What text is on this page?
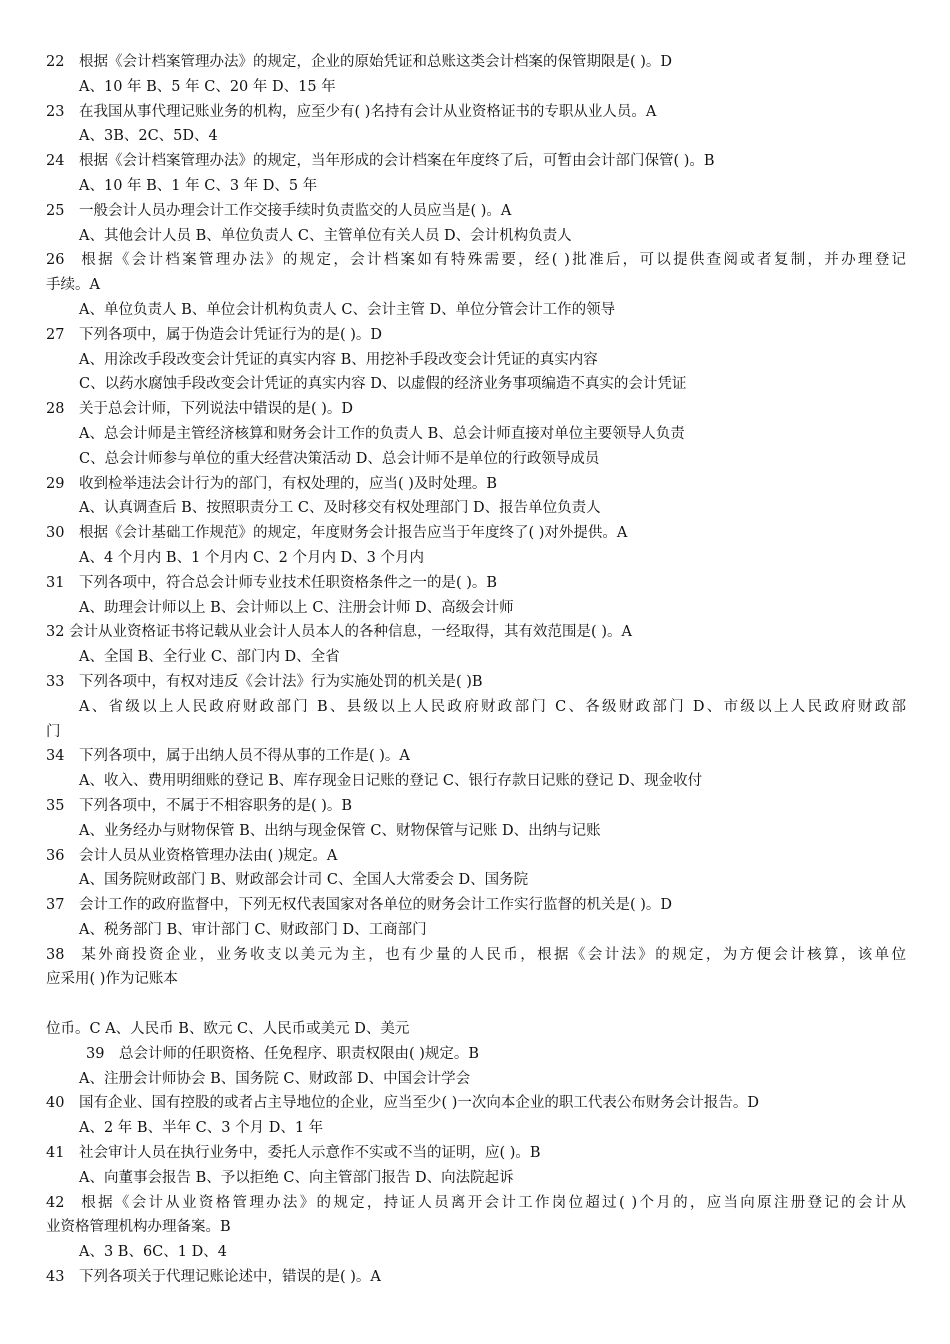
22 根据《会计档案管理办法》的规定，企业的原始凭证和总账这类会计档案的保管期限是( )。D
A、10 年 B、5 年 C、20 年 D、15 年
23 在我国从事代理记账业务的机构，应至少有( )名持有会计从业资格证书的专职从业人员。A
A、3B、2C、5D、4
24 根据《会计档案管理办法》的规定，当年形成的会计档案在年度终了后，可暂由会计部门保管( )。B
A、10 年 B、1 年 C、3 年 D、5 年
25 一般会计人员办理会计工作交接手续时负责监交的人员应当是( )。A
A、其他会计人员 B、单位负责人 C、主管单位有关人员 D、会计机构负责人
26 根据《会计档案管理办法》的规定，会计档案如有特殊需要，经( )批准后，可以提供查阅或者复制，并办理登记
手续。A
A、单位负责人 B、单位会计机构负责人 C、会计主管 D、单位分管会计工作的领导
27 下列各项中，属于伪造会计凭证行为的是( )。D
A、用涂改手段改变会计凭证的真实内容 B、用挖补手段改变会计凭证的真实内容
C、以药水腐蚀手段改变会计凭证的真实内容 D、以虚假的经济业务事项编造不真实的会计凭证
28 关于总会计师，下列说法中错误的是( )。D
A、总会计师是主管经济核算和财务会计工作的负责人 B、总会计师直接对单位主要领导人负责
C、总会计师参与单位的重大经营决策活动 D、总会计师不是单位的行政领导成员
29 收到检举违法会计行为的部门，有权处理的，应当( )及时处理。B
A、认真调查后 B、按照职责分工 C、及时移交有权处理部门 D、报告单位负责人
30 根据《会计基础工作规范》的规定，年度财务会计报告应当于年度终了( )对外提供。A
A、4 个月内 B、1 个月内 C、2 个月内 D、3 个月内
31 下列各项中，符合总会计师专业技术任职资格条件之一的是( )。B
A、助理会计师以上 B、会计师以上 C、注册会计师 D、高级会计师
32 会计从业资格证书将记载从业会计人员本人的各种信息，一经取得，其有效范围是( )。A
A、全国 B、全行业 C、部门内 D、全省
33 下列各项中，有权对违反《会计法》行为实施处罚的机关是( )B
A、省级以上人民政府财政部门 B、县级以上人民政府财政部门 C、各级财政部门 D、市级以上人民政府财政部
门
34 下列各项中，属于出纳人员不得从事的工作是( )。A
A、收入、费用明细账的登记 B、库存现金日记账的登记 C、银行存款日记账的登记 D、现金收付
35 下列各项中，不属于不相容职务的是( )。B
A、业务经办与财物保管 B、出纳与现金保管 C、财物保管与记账 D、出纳与记账
36 会计人员从业资格管理办法由( )规定。A
A、国务院财政部门 B、财政部会计司 C、全国人大常委会 D、国务院
37 会计工作的政府监督中，下列无权代表国家对各单位的财务会计工作实行监督的机关是( )。D
A、税务部门 B、审计部门 C、财政部门 D、工商部门
38 某外商投资企业，业务收支以美元为主，也有少量的人民币，根据《会计法》的规定，为方便会计核算，该单位
应采用( )作为记账本
位币。C A、人民币 B、欧元 C、人民币或美元 D、美元
39 总会计师的任职资格、任免程序、职责权限由( )规定。B
A、注册会计师协会 B、国务院 C、财政部 D、中国会计学会
40 国有企业、国有控股的或者占主导地位的企业，应当至少( )一次向本企业的职工代表公布财务会计报告。D
A、2 年 B、半年 C、3 个月 D、1 年
41 社会审计人员在执行业务中，委托人示意作不实或不当的证明，应( )。B
A、向董事会报告 B、予以拒绝 C、向主管部门报告 D、向法院起诉
42 根据《会计从业资格管理办法》的规定，持证人员离开会计工作岗位超过( )个月的，应当向原注册登记的会计从
业资格管理机构办理备案。B
A、3 B、6C、1 D、4
43 下列各项关于代理记账论述中，错误的是( )。A
